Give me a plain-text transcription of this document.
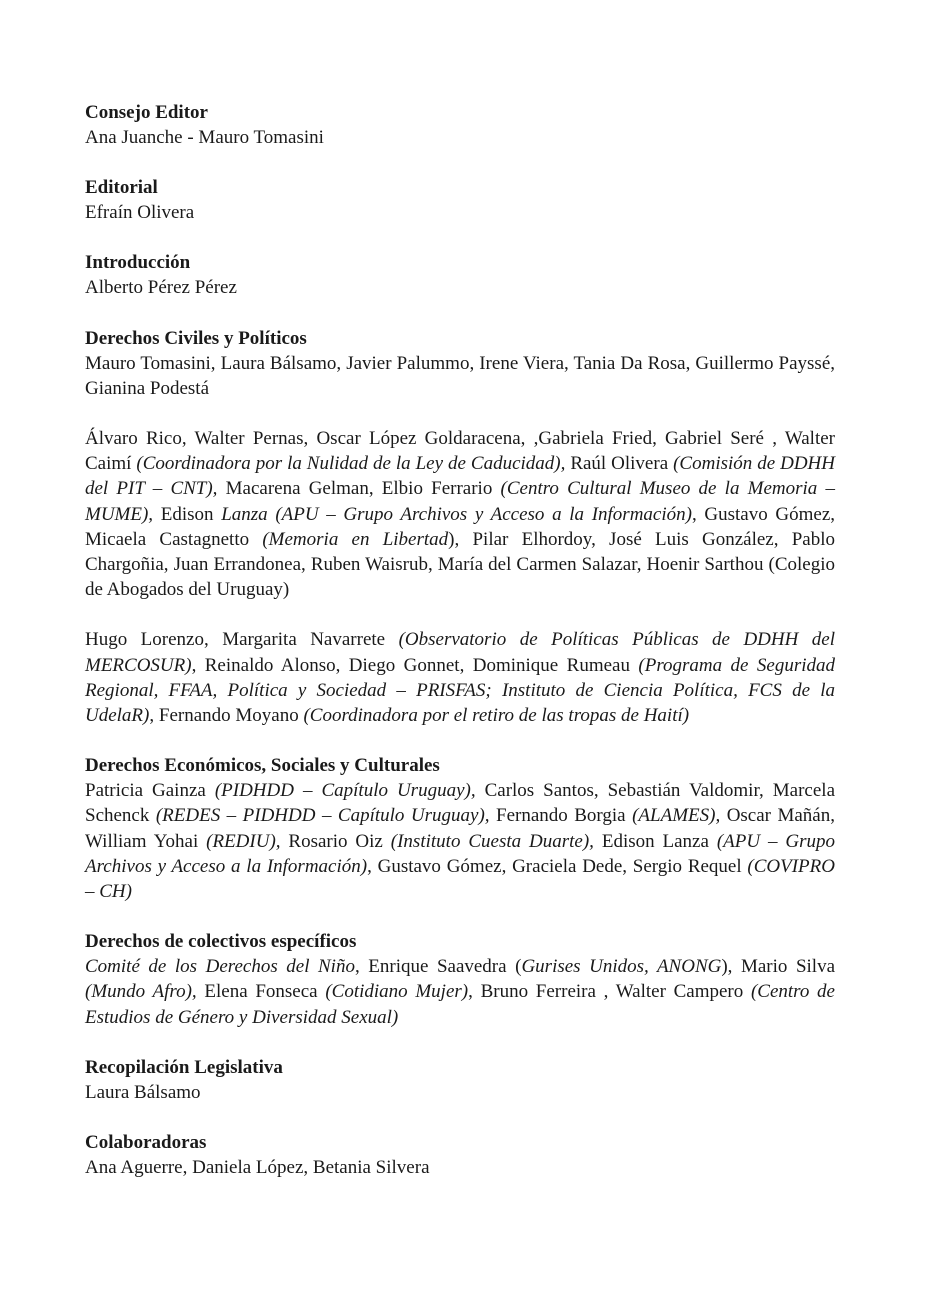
Consejo Editor

Ana Juanche - Mauro Tomasini

Editorial

Efraín Olivera

Introducción

Alberto Pérez Pérez

Derechos Civiles y Políticos

Mauro Tomasini, Laura Bálsamo, Javier Palummo, Irene Viera, Tania Da Rosa, Guillermo Payssé, Gianina Podestá

Álvaro Rico, Walter Pernas, Oscar López Goldaracena, ,Gabriela Fried, Gabriel Seré , Walter Caimí (Coordinadora por la Nulidad de la Ley de Caducidad), Raúl Olivera (Comisión de DDHH del PIT – CNT), Macarena Gelman, Elbio Ferrario (Centro Cultural Museo de la Memoria – MUME), Edison Lanza (APU – Grupo Archivos y Acceso a la Información), Gustavo Gómez, Micaela Castagnetto (Memoria en Libertad), Pilar Elhordoy, José Luis González, Pablo Chargoñia, Juan Errandonea, Ruben Waisrub, María del Carmen Salazar, Hoenir Sarthou (Colegio de Abogados del Uruguay)

Hugo Lorenzo, Margarita Navarrete (Observatorio de Políticas Públicas de DDHH del MERCOSUR), Reinaldo Alonso, Diego Gonnet, Dominique Rumeau (Programa de Seguridad Regional, FFAA, Política y Sociedad – PRISFAS; Instituto de Ciencia Política, FCS de la UdelaR), Fernando Moyano (Coordinadora por el retiro de las tropas de Haití)

Derechos Económicos, Sociales y Culturales

Patricia Gainza (PIDHDD – Capítulo Uruguay), Carlos Santos, Sebastián Valdomir, Marcela Schenck (REDES – PIDHDD – Capítulo Uruguay), Fernando Borgia (ALAMES), Oscar Mañán, William Yohai (REDIU), Rosario Oiz (Instituto Cuesta Duarte), Edison Lanza (APU – Grupo Archivos y Acceso a la Información), Gustavo Gómez, Graciela Dede, Sergio Requel (COVIPRO – CH)

Derechos de colectivos específicos

Comité de los Derechos del Niño, Enrique Saavedra (Gurises Unidos, ANONG), Mario Silva (Mundo Afro), Elena Fonseca (Cotidiano Mujer), Bruno Ferreira , Walter Campero (Centro de Estudios de Género y Diversidad Sexual)

Recopilación Legislativa

Laura Bálsamo

Colaboradoras

Ana Aguerre, Daniela López, Betania Silvera
